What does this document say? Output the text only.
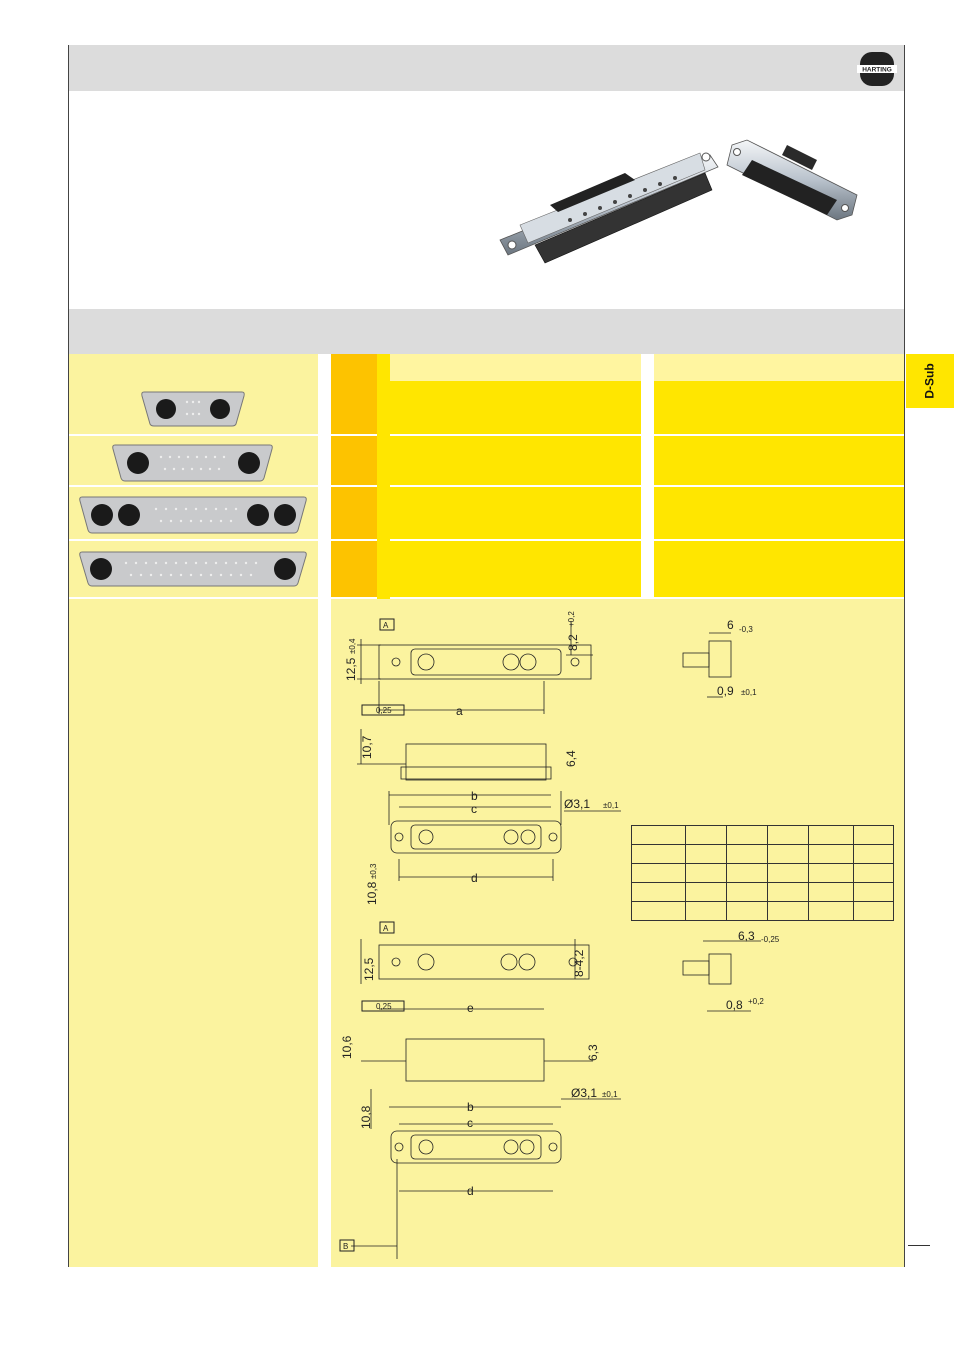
HARTING
D-Sub
a
b
c
d
e
b
c
d
Ø3,1 ±0,1
Ø3,1 ±0,1
6 -0,3
0,9 ±0,1
6,3 -0,25
0,8 +0,2
12,5
±0,4	8,2
+0,2
10,7	6,4
10,8
±0,3
12,5	8-4,2
10,6	6,3
10,8
A
A
B
0,25
0,25
